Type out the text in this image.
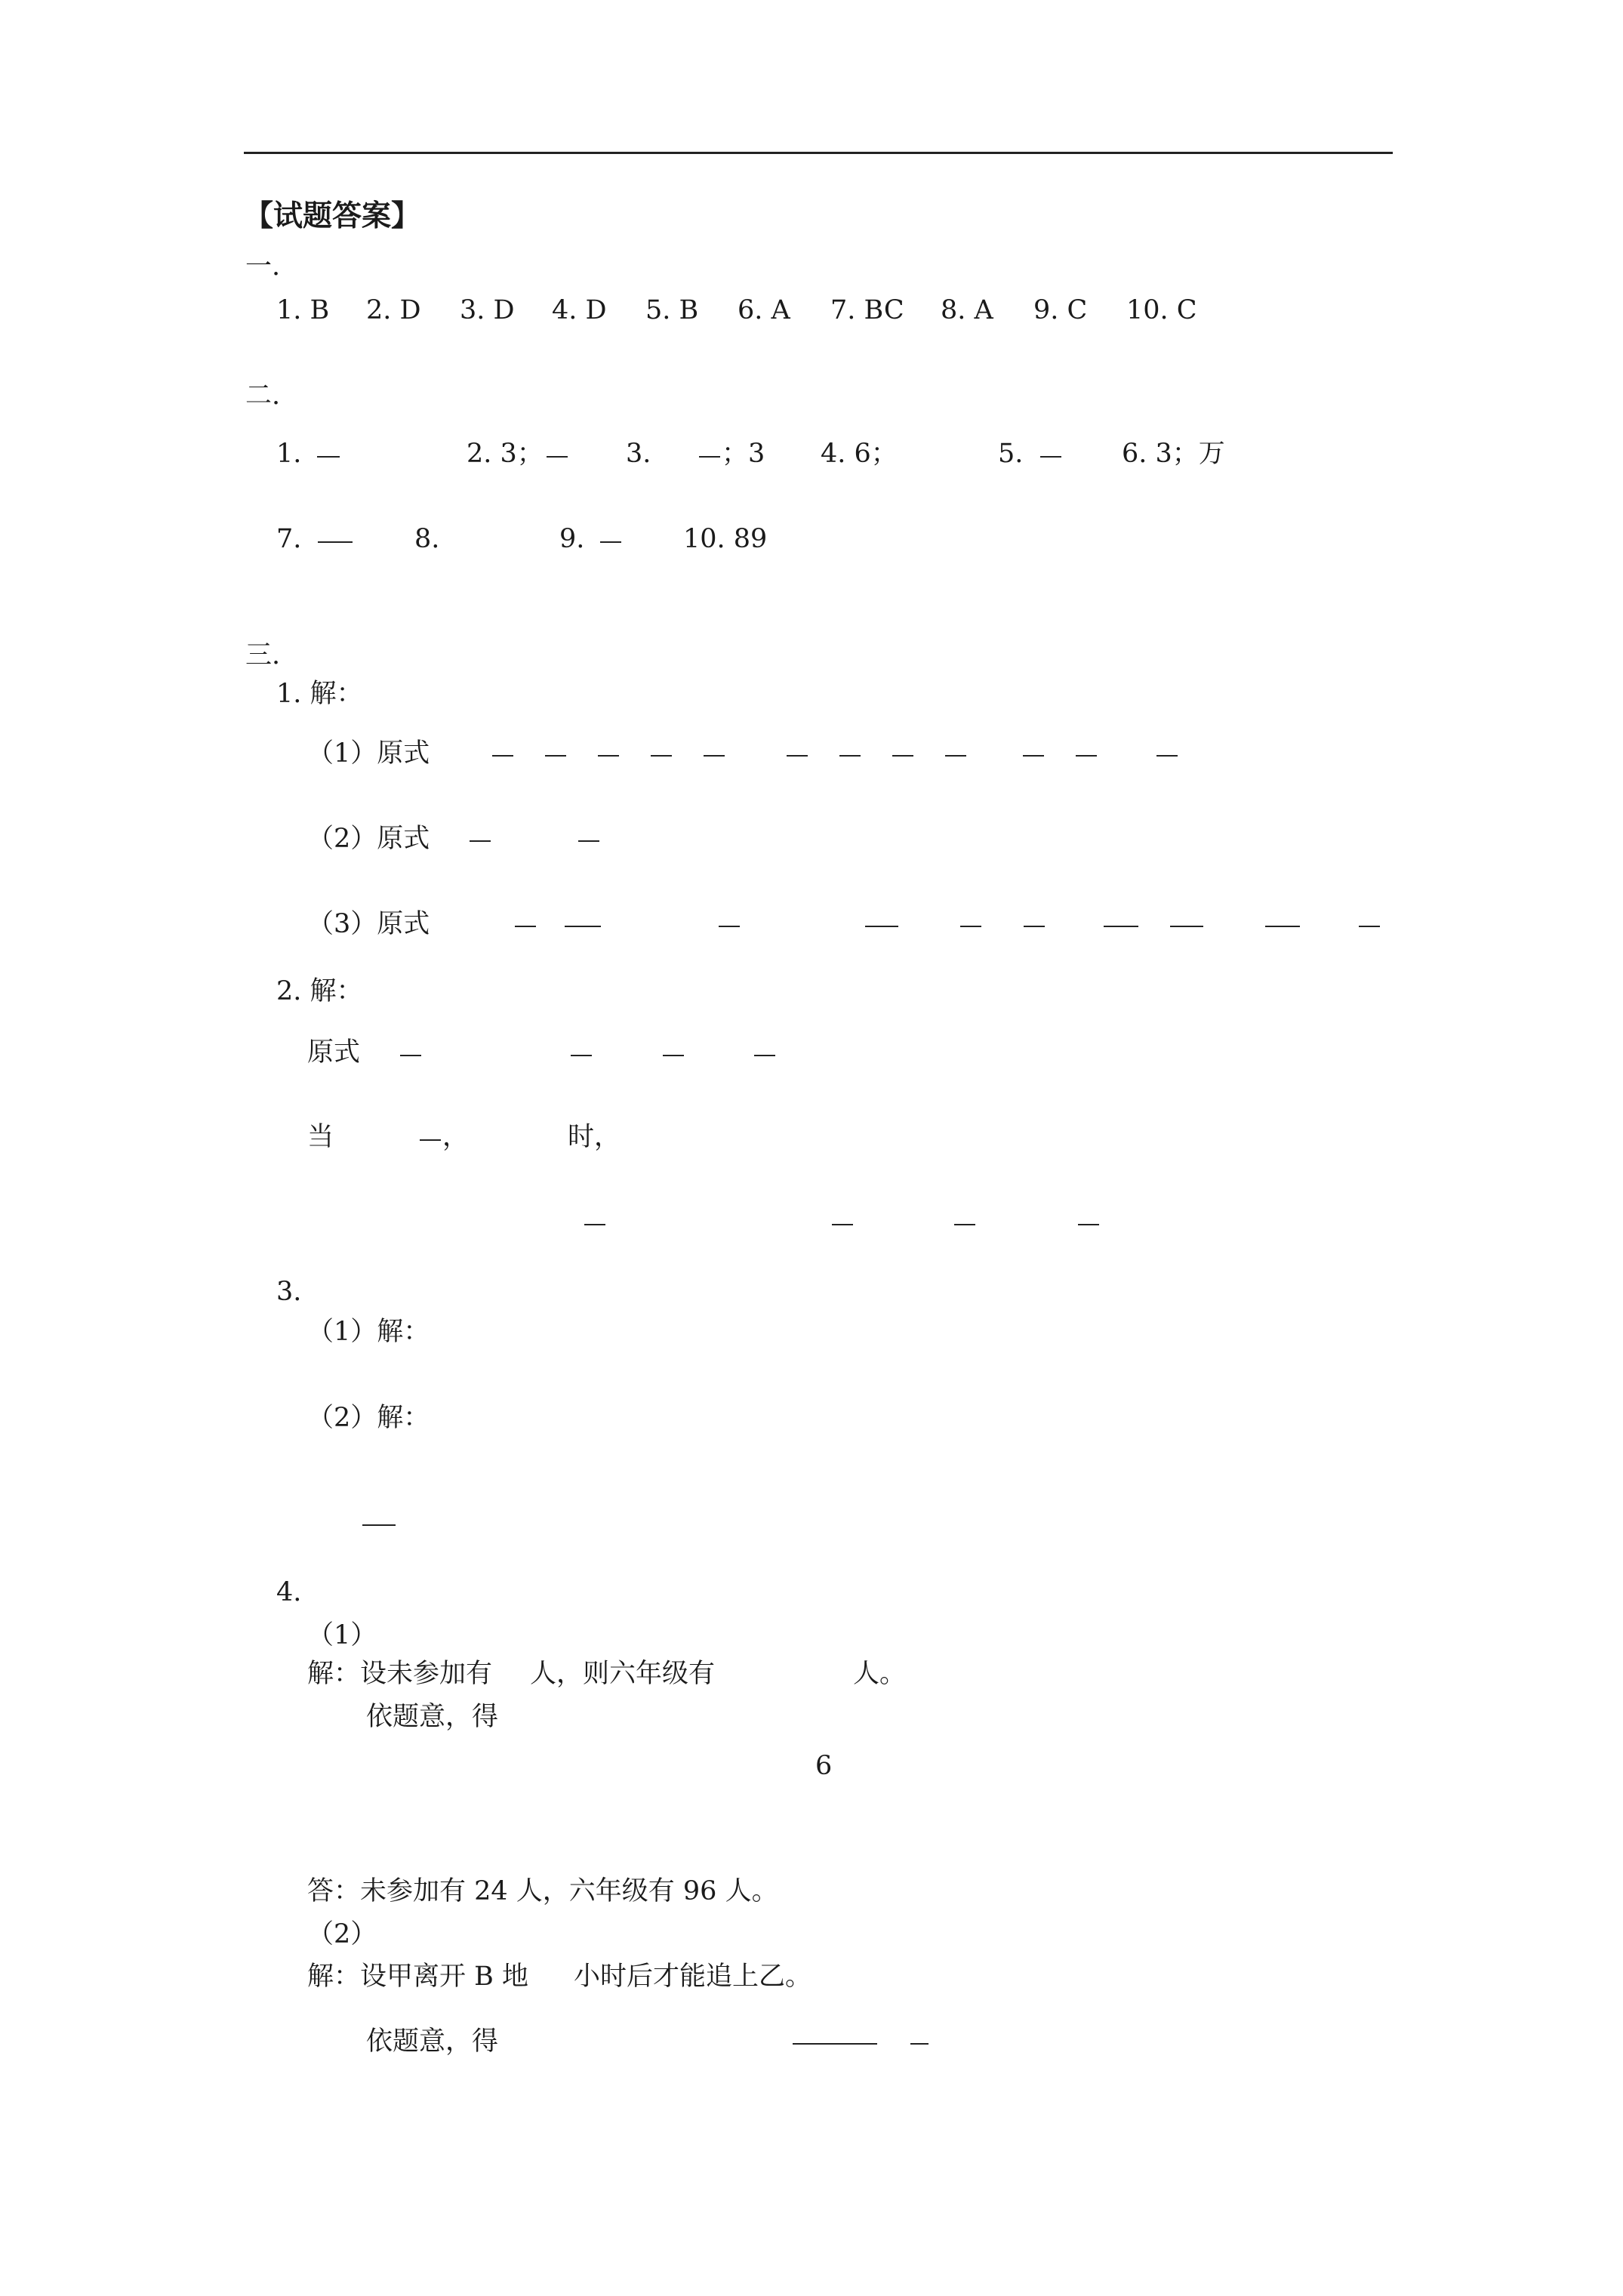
【试题答案】
一.
1. B 2. D 3. D 4. D 5. B 6. A 7. BC 8. A 9. C 10. C
二.
1.	2. 3；	3.	；3 4. 6；	5.	6. 3；万
7.	8.	9.	10. 89
三.
1. 解：
（1）原式
（2）原式
（3）原式
2. 解：
原式
当	，	时，
3.
（1）解：
（2）解：
4.
（1）
解：设未参加有 人，则六年级有	人。
依题意，得
6
答：未参加有 24 人，六年级有 96 人。
（2）
解：设甲离开 B 地 小时后才能追上乙。
依题意，得
